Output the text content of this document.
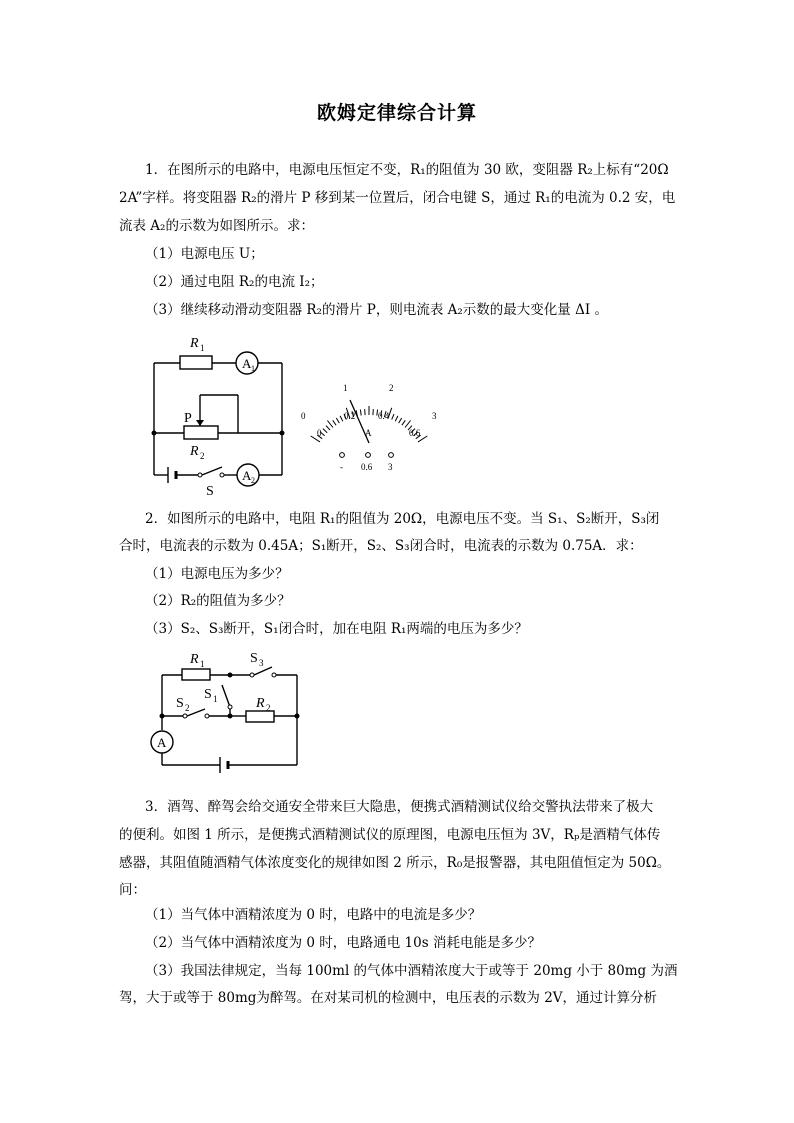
欧姆定律综合计算
1．在图所示的电路中，电源电压恒定不变，R₁的阻值为 30 欧，变阻器 R₂上标有“20Ω
2A”字样。将变阻器 R₂的滑片 P 移到某一位置后，闭合电键 S，通过 R₁的电流为 0.2 安，电
流表 A₂的示数为如图所示。求：
（1）电源电压 U；
（2）通过电阻 R₂的电流 I₂；
（3）继续移动滑动变阻器 R₂的滑片 P，则电流表 A₂示数的最大变化量 ΔI 。
R 1
A 1
P
R 2
S
A 2
0
1	2
3
0
0.2	0.4
0.6
A
- 0.6 3
2．如图所示的电路中，电阻 R₁的阻值为 20Ω，电源电压不变。当 S₁、S₂断开，S₃闭
合时，电流表的示数为 0.45A；S₁断开，S₂、S₃闭合时，电流表的示数为 0.75A．求：
（1）电源电压为多少？
（2）R₂的阻值为多少？
（3）S₂、S₃断开，S₁闭合时，加在电阻 R₁两端的电压为多少？
R 1	S 3
S 1
S 2	R 2
A
3．酒驾、醉驾会给交通安全带来巨大隐患，便携式酒精测试仪给交警执法带来了极大
的便利。如图 1 所示，是便携式酒精测试仪的原理图，电源电压恒为 3V，Rₚ是酒精气体传
感器，其阻值随酒精气体浓度变化的规律如图 2 所示，R₀是报警器，其电阻值恒定为 50Ω。
问：
（1）当气体中酒精浓度为 0 时，电路中的电流是多少？
（2）当气体中酒精浓度为 0 时，电路通电 10s 消耗电能是多少？
（3）我国法律规定，当每 100ml 的气体中酒精浓度大于或等于 20mg 小于 80mg 为酒
驾，大于或等于 80mg为醉驾。在对某司机的检测中，电压表的示数为 2V，通过计算分析
